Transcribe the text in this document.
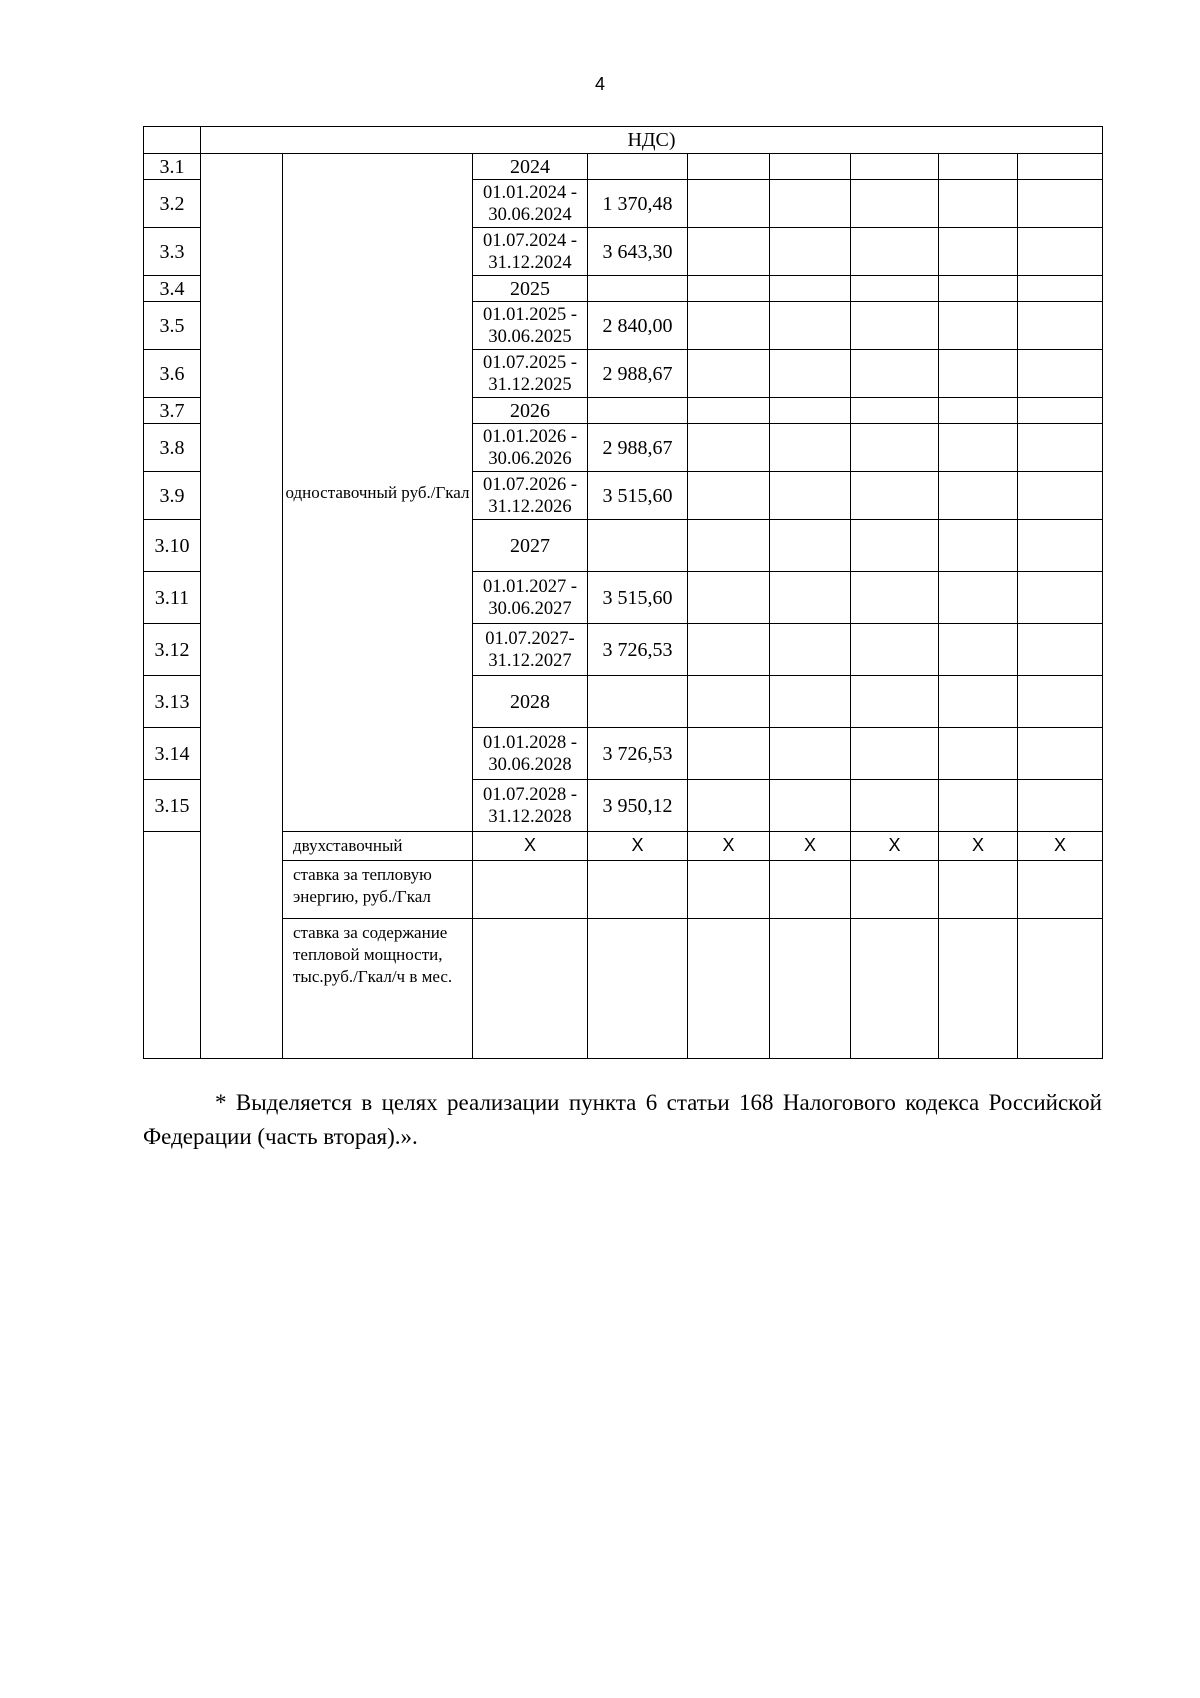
4
	НДС)								
3.1		одноставочный руб./Гкал	2024						
3.2			01.01.2024 - 30.06.2024	1 370,48					
3.3			01.07.2024 - 31.12.2024	3 643,30					
3.4			2025						
3.5			01.01.2025 - 30.06.2025	2 840,00					
3.6			01.07.2025 - 31.12.2025	2 988,67					
3.7			2026						
3.8			01.01.2026 - 30.06.2026	2 988,67					
3.9			01.07.2026 - 31.12.2026	3 515,60					
3.10			2027						
3.11			01.01.2027 - 30.06.2027	3 515,60					
3.12			01.07.2027- 31.12.2027	3 726,53					
3.13			2028						
3.14			01.01.2028 - 30.06.2028	3 726,53					
3.15			01.07.2028 - 31.12.2028	3 950,12					
		двухставочный	X	X	X	X	X	X	X
		ставка за тепловую энергию, руб./Гкал							
		ставка за содержание тепловой мощности, тыс.руб./Гкал/ч в мес.							

* Выделяется в целях реализации пункта 6 статьи 168 Налогового кодекса Российской Федерации (часть вторая).».
